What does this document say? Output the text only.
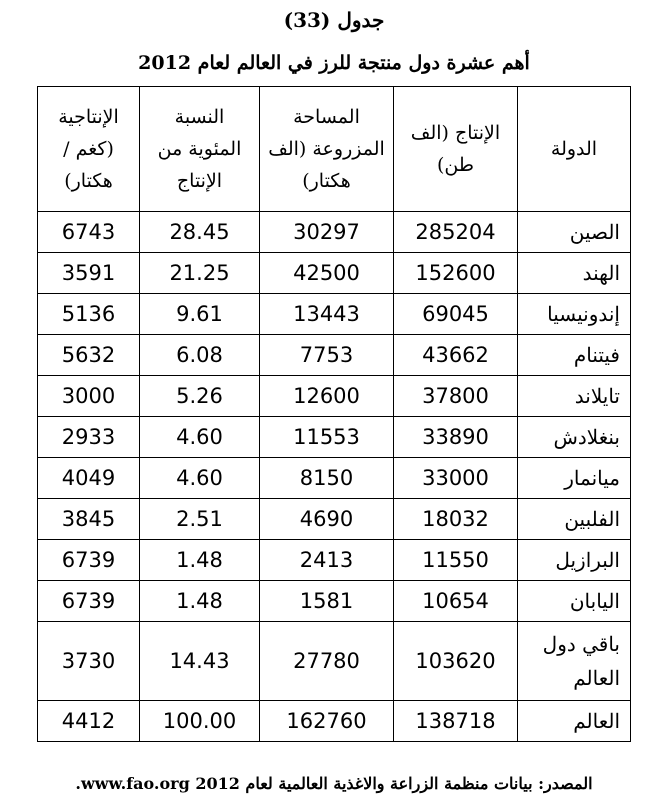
جدول (33)
أهم عشرة دول منتجة للرز في العالم لعام 2012
الدولة	الإنتاج (الف طن)	المساحة المزروعة (الف هكتار)	النسبة المئوية من الإنتاج	الإنتاجية (كغم / هكتار)
الصين	285204	30297	28.45	6743
الهند	152600	42500	21.25	3591
إندونيسيا	69045	13443	9.61	5136
فيتنام	43662	7753	6.08	5632
تايلاند	37800	12600	5.26	3000
بنغلادش	33890	11553	4.60	2933
ميانمار	33000	8150	4.60	4049
الفلبين	18032	4690	2.51	3845
البرازيل	11550	2413	1.48	6739
اليابان	10654	1581	1.48	6739
باقي دول العالم	103620	27780	14.43	3730
العالم	138718	162760	100.00	4412
المصدر: بيانات منظمة الزراعة والاغذية العالمية لعام 2012 www.fao.org.
